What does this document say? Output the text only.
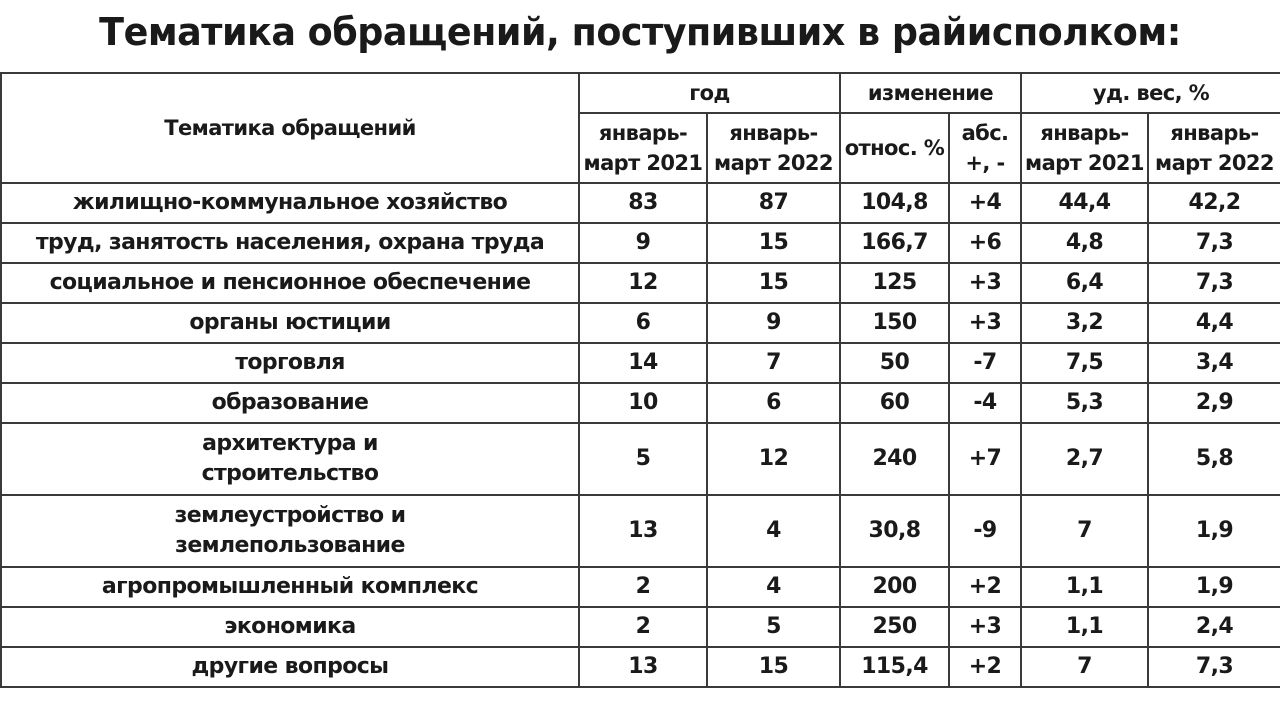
Тематика обращений, поступивших в райисполком:
Тематика обращений	год		изменение		уд. вес, %	
	январь-март 2021	январь-март 2022	относ. %	абс. +, -	январь-март 2021	январь-март 2022
жилищно-коммунальное хозяйство	83	87	104,8	+4	44,4	42,2
труд, занятость населения, охрана труда	9	15	166,7	+6	4,8	7,3
социальное и пенсионное обеспечение	12	15	125	+3	6,4	7,3
органы юстиции	6	9	150	+3	3,2	4,4
торговля	14	7	50	-7	7,5	3,4
образование	10	6	60	-4	5,3	2,9
архитектура и строительство	5	12	240	+7	2,7	5,8
землеустройство и землепользование	13	4	30,8	-9	7	1,9
агропромышленный комплекс	2	4	200	+2	1,1	1,9
экономика	2	5	250	+3	1,1	2,4
другие вопросы	13	15	115,4	+2	7	7,3
